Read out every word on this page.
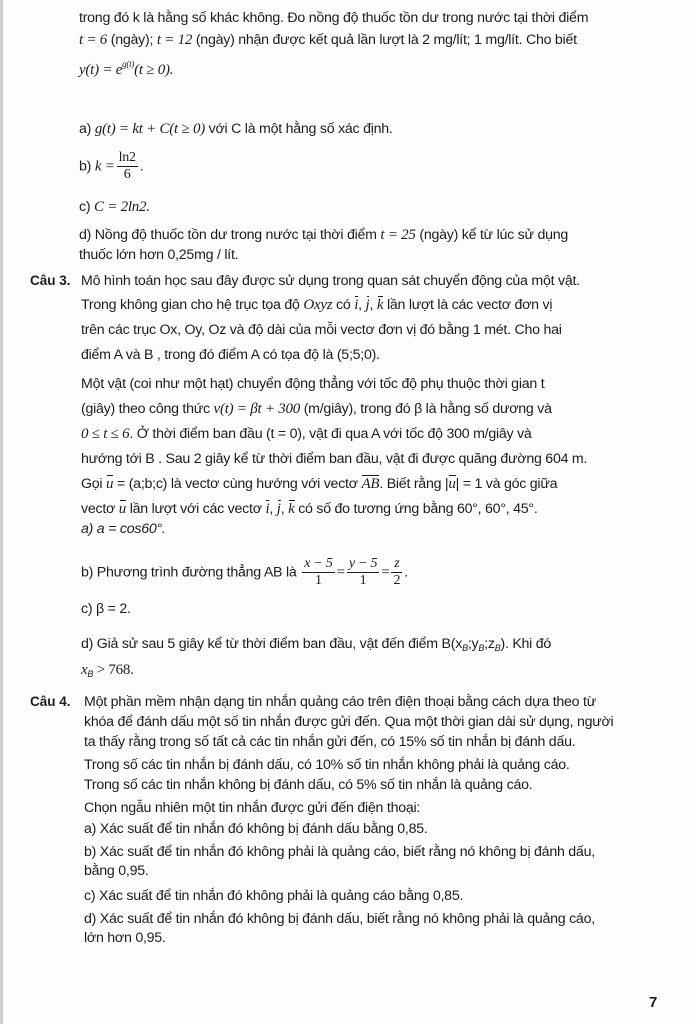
trong đó k là hằng số khác không. Đo nồng độ thuốc tồn dư trong nước tại thời điểm
t = 6 (ngày); t = 12 (ngày) nhận được kết quả lần lượt là 2 mg/lít; 1 mg/lít. Cho biết
$y(t) = e^{g(t)}(t \ge 0)$.
a) g(t) = kt + C(t ≥ 0) với C là một hằng số xác định.
b) $k = \frac{\ln 2}{6}$ .
c) C = 2ln2.
d) Nồng độ thuốc tồn dư trong nước tại thời điểm t = 25 (ngày) kể từ lúc sử dụng
thuốc lớn hơn 0,25mg / lít.
Câu 3. Mô hình toán học sau đây được sử dụng trong quan sát chuyển động của một vật.
Trong không gian cho hệ trục tọa độ Oxyz có i, j, k lần lượt là các vectơ đơn vị
trên các trục Ox, Oy, Oz và độ dài của mỗi vectơ đơn vị đó bằng 1 mét. Cho hai
điểm A và B , trong đó điểm A có tọa độ là (5;5;0).
Một vật (coi như một hạt) chuyển động thẳng với tốc độ phụ thuộc thời gian t
(giây) theo công thức v(t) = βt + 300 (m/giây), trong đó β là hằng số dương và
0 ≤ t ≤ 6. Ở thời điểm ban đầu (t = 0), vật đi qua A với tốc độ 300 m/giây và
hướng tới B . Sau 2 giây kể từ thời điểm ban đầu, vật đi được quãng đường 604 m.
Gọi u = (a;b;c) là vectơ cùng hướng với vectơ AB. Biết rằng |u| = 1 và góc giữa
vectơ u lần lượt với các vectơ i, j, k có số đo tương ứng bằng 60°, 60°, 45°.
a) a = cos60°.
b) Phương trình đường thẳng AB là $\frac{x - 5}{1} = \frac{y - 5}{1} = \frac{z}{2}$ .
c) β = 2.
d) Giả sử sau 5 giây kể từ thời điểm ban đầu, vật đến điểm $B(x_B;y_B;z_B)$. Khi đó
$x_B > 768$.
Câu 4. Một phần mềm nhận dạng tin nhắn quảng cáo trên điện thoại bằng cách dựa theo từ
khóa để đánh dấu một số tin nhắn được gửi đến. Qua một thời gian dài sử dụng, người
ta thấy rằng trong số tất cả các tin nhắn gửi đến, có 15% số tin nhắn bị đánh dấu.
Trong số các tin nhắn bị đánh dấu, có 10% số tin nhắn không phải là quảng cáo.
Trong số các tin nhắn không bị đánh dấu, có 5% số tin nhắn là quảng cáo.
Chọn ngẫu nhiên một tin nhắn được gửi đến điện thoại:
a) Xác suất để tin nhắn đó không bị đánh dấu bằng 0,85.
b) Xác suất để tin nhắn đó không phải là quảng cáo, biết rằng nó không bị đánh dấu,
bằng 0,95.
c) Xác suất để tin nhắn đó không phải là quảng cáo bằng 0,85.
d) Xác suất để tin nhắn đó không bị đánh dấu, biết rằng nó không phải là quảng cáo,
lớn hơn 0,95.
7
